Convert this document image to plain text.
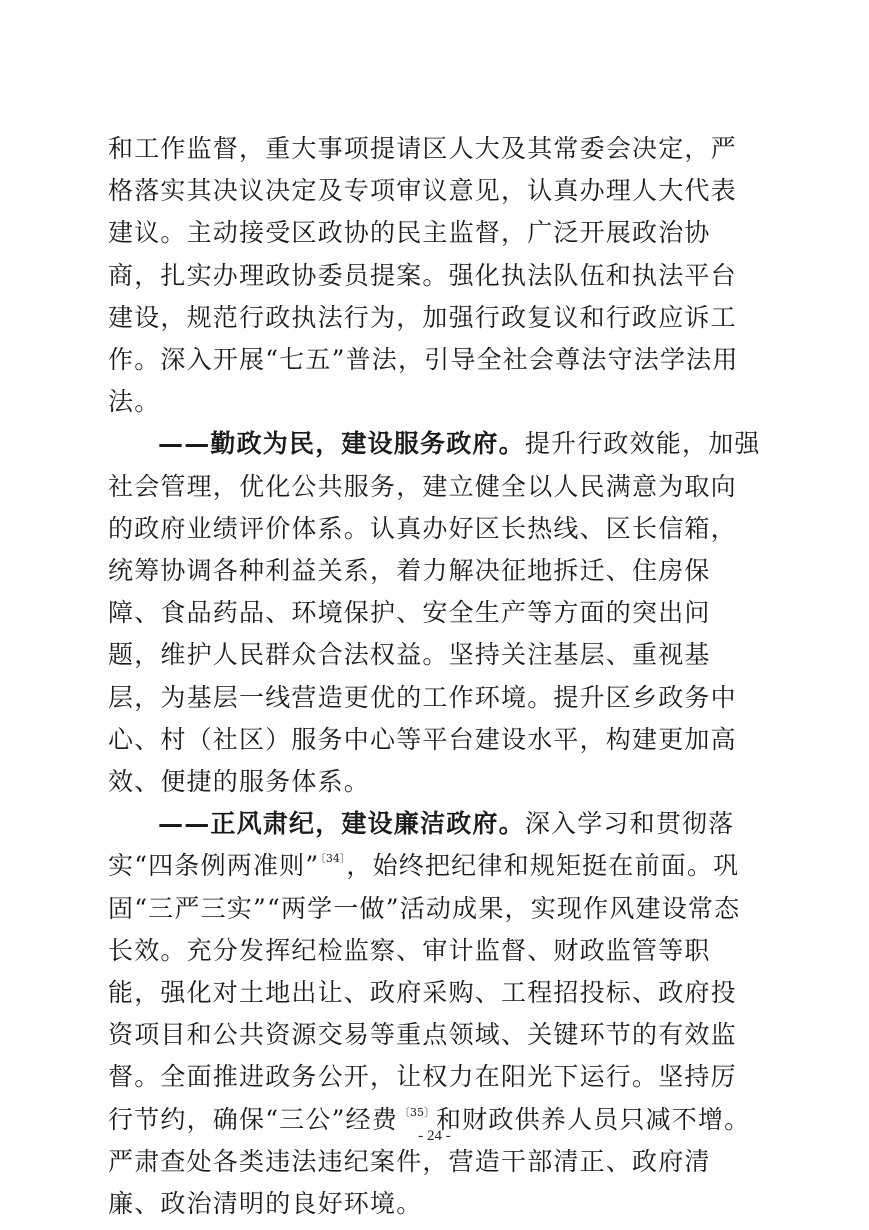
和工作监督，重大事项提请区人大及其常委会决定，严格落实其决议决定及专项审议意见，认真办理人大代表建议。主动接受区政协的民主监督，广泛开展政治协商，扎实办理政协委员提案。强化执法队伍和执法平台建设，规范行政执法行为，加强行政复议和行政应诉工作。深入开展“七五”普法，引导全社会尊法守法学法用法。

——勤政为民，建设服务政府。提升行政效能，加强社会管理，优化公共服务，建立健全以人民满意为取向的政府业绩评价体系。认真办好区长热线、区长信箱，统筹协调各种利益关系，着力解决征地拆迁、住房保障、食品药品、环境保护、安全生产等方面的突出问题，维护人民群众合法权益。坚持关注基层、重视基层，为基层一线营造更优的工作环境。提升区乡政务中心、村（社区）服务中心等平台建设水平，构建更加高效、便捷的服务体系。

——正风肃纪，建设廉洁政府。深入学习和贯彻落实“四条例两准则”$^{〔34〕}$，始终把纪律和规矩挺在前面。巩固“三严三实”“两学一做”活动成果，实现作风建设常态长效。充分发挥纪检监察、审计监督、财政监管等职能，强化对土地出让、政府采购、工程招投标、政府投资项目和公共资源交易等重点领域、关键环节的有效监督。全面推进政务公开，让权力在阳光下运行。坚持厉行节约，确保“三公”经费$^{〔35〕}$和财政供养人员只减不增。严肃查处各类违法违纪案件，营造干部清正、政府清廉、政治清明的良好环境。

- 24 -
